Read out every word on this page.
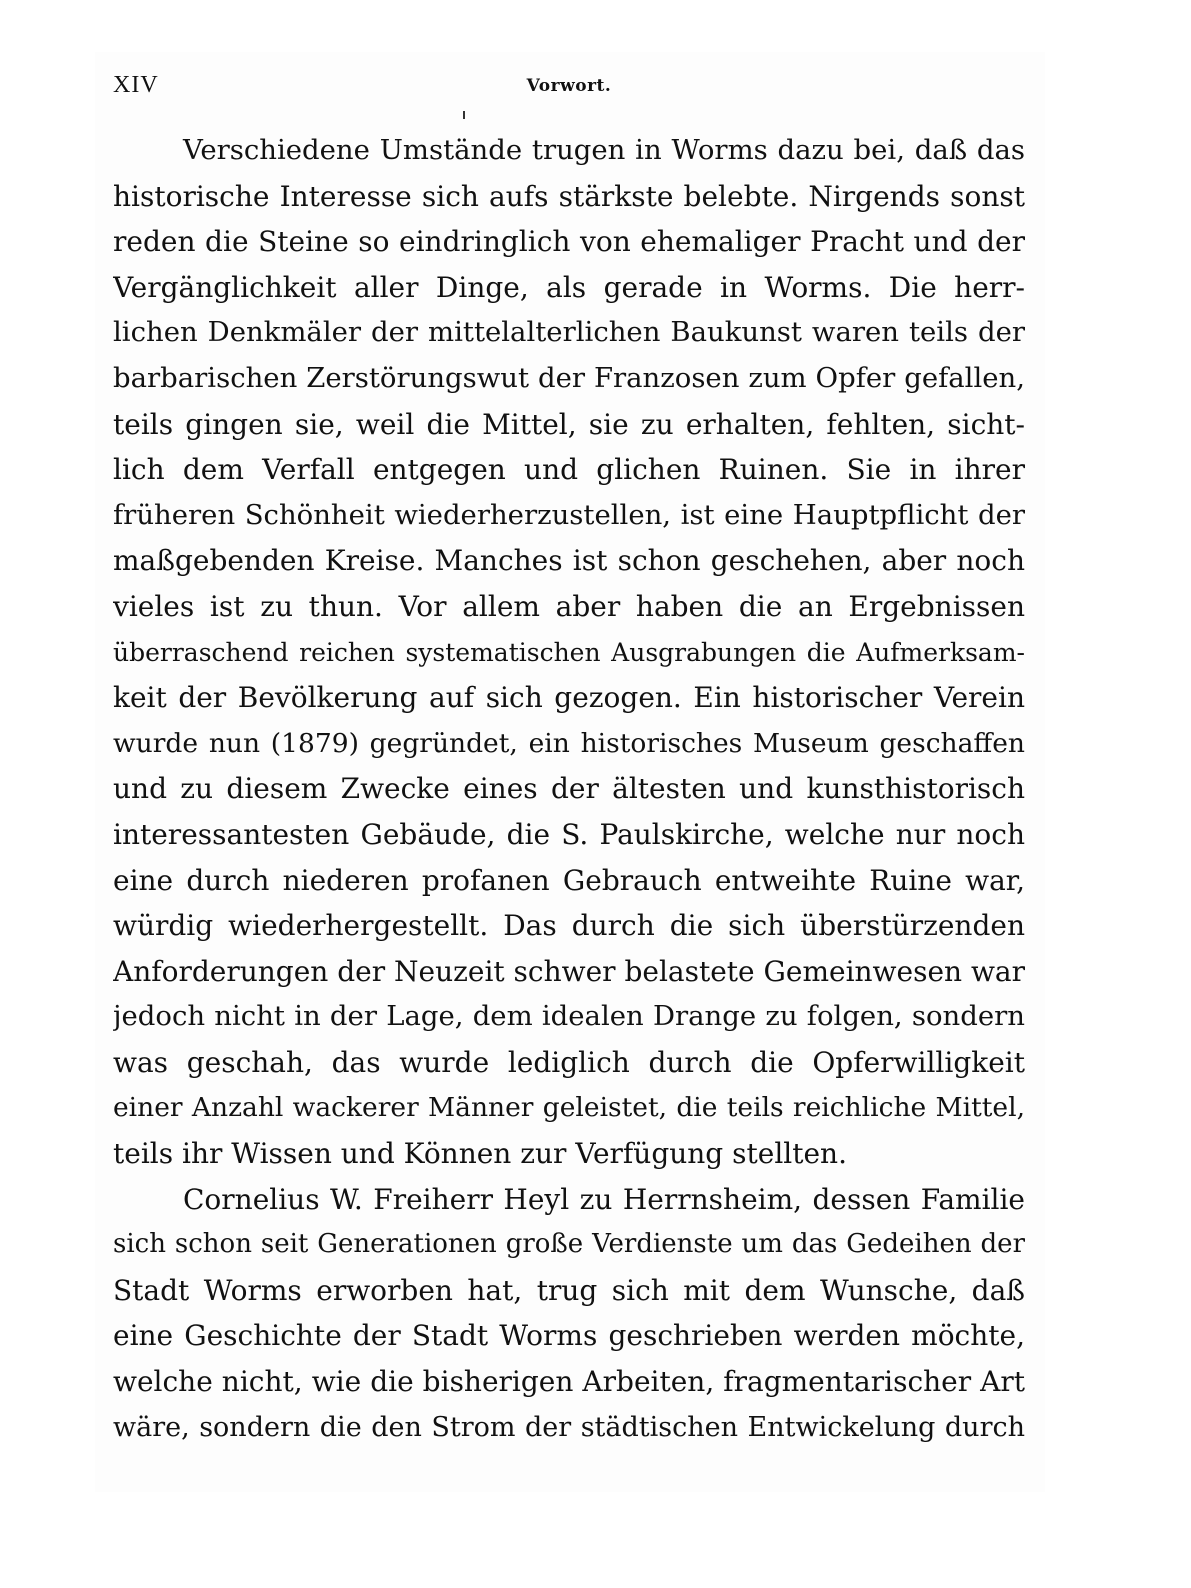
XIV	Vorwort.
Verschiedene Umstände trugen in Worms dazu bei, daß das
historische Interesse sich aufs stärkste belebte. Nirgends sonst
reden die Steine so eindringlich von ehemaliger Pracht und der
Vergänglichkeit aller Dinge, als gerade in Worms. Die herr-
lichen Denkmäler der mittelalterlichen Baukunst waren teils der
barbarischen Zerstörungswut der Franzosen zum Opfer gefallen,
teils gingen sie, weil die Mittel, sie zu erhalten, fehlten, sicht-
lich dem Verfall entgegen und glichen Ruinen. Sie in ihrer
früheren Schönheit wiederherzustellen, ist eine Hauptpflicht der
maßgebenden Kreise. Manches ist schon geschehen, aber noch
vieles ist zu thun. Vor allem aber haben die an Ergebnissen
überraschend reichen systematischen Ausgrabungen die Aufmerksam-
keit der Bevölkerung auf sich gezogen. Ein historischer Verein
wurde nun (1879) gegründet, ein historisches Museum geschaffen
und zu diesem Zwecke eines der ältesten und kunsthistorisch
interessantesten Gebäude, die S. Paulskirche, welche nur noch
eine durch niederen profanen Gebrauch entweihte Ruine war,
würdig wiederhergestellt. Das durch die sich überstürzenden
Anforderungen der Neuzeit schwer belastete Gemeinwesen war
jedoch nicht in der Lage, dem idealen Drange zu folgen, sondern
was geschah, das wurde lediglich durch die Opferwilligkeit
einer Anzahl wackerer Männer geleistet, die teils reichliche Mittel,
teils ihr Wissen und Können zur Verfügung stellten.
Cornelius W. Freiherr Heyl zu Herrnsheim, dessen Familie
sich schon seit Generationen große Verdienste um das Gedeihen der
Stadt Worms erworben hat, trug sich mit dem Wunsche, daß
eine Geschichte der Stadt Worms geschrieben werden möchte,
welche nicht, wie die bisherigen Arbeiten, fragmentarischer Art
wäre, sondern die den Strom der städtischen Entwickelung durch
